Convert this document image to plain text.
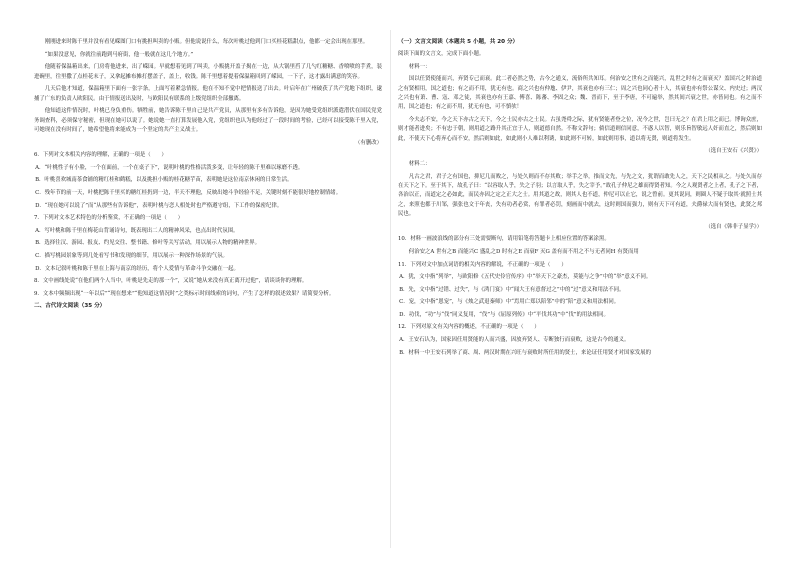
刚刚进来时陈千里并没有看见嵘图门口有挑担叫卖的小贩。但他说说什么，每次叶桃过他到门口买桂花糕甜点，他都一定会出现在那里。

“如果没意见，你就往前跑到马府街，他一般就在这几个地方。”

他随着保温箱出来，门房将他进来，出了嵘园。早就想着见到了叫卖，小贩挑开盖子揭在一边，从大锅里舀了几勺红糖糖、香喷喷的芋煮，装进碗里，往里撒了点桂花末子，又拿起摊布摊打摆盖子，盖上，收钱。陈千里想着提着保温箱回到了嵘园，一下子，这才露出满意的笑容。

几天后他才知道，保温箱里下面有一张字条，上面写着紧急情报。他在不知不觉中把情报送了出去。叶启年在广州破获了共产党地下组织，逮捕了广东的负责人欧阳民。由于情报送出及时，与欧阳民有联系的上级党组织全部撤离。

他知道这件情况时，叶桃已身负重伤。牺牲前，她告诉陈千里自己是共产党员，从那里有多有告诉他，是因为她受党组织派遣潜伏在国民党党务调查科，必须保守秘密，但现在她可以说了。她说她一直打算发展他入党，党组织也认为他经过了一段时间的考验，已经可以接受陈千里入党，可她现在没有时间了，她希望他将来能成为一个坚定的共产主义战士。

（有删改）

6．下列对文本相关内容的理解，正确的一项是（　　）

A．“叶桃性子有小脸，一个在面前，一个在桌子下”，说明叶桃的性格活泼多变，让年轻的陈千里难以琢磨不透。

B．叶桃喜欢城南茶食铺的精红桂和鹤糕，以及挑担小贩的桂花糖芋苗，表明她是这位南京休闲的日常生活。

C．残年节的前一天，叶桃把陈千里买的糖红桂扔到一边，半天不理他，反映出她斗争经验不足，关键时刻不能很好地控制情绪。

D．“现在她可以说了”而“从那些有告诉他”，表明叶桃与恋人相处时也严格遵守组，下工作的保密纪律。

7．下列对文本艺术特色的分析鉴赏，不正确的一项是（　　）

A．写叶桃和陈千里在梅花山背诵诗句，既表现出二人的精神风采，也点出时代氛围。

B．选择往汉、游园、报友、约见交往、整书籍、修叶等关写活动，用以展示人物的精神世界。

C．描写桃园景象等到几处看写书和发现的细节，用以展示一种深作场景的气氛。

D．文本记叙叶桃和陈千里在上海与南京的经历，将个人爱情与革命斗争交融在一起。

8．文中画线处说“在他们两个人当中，叶桃是先走的那一个”，又说“她从来没有真正离开过他”，请谈谈你的理解。

9．文本中频频出现“一年以后”“现在想来”“他知道这情况时”之类标示时间线索的词句，产生了怎样的叙述效果？请简要分析。

二、古代诗文阅读（35 分）
（一）文言文阅读（本题共 5 小题，共 20 分）

阅读下面的文言文，完成下面小题。

材料一：

国以任贤使能而兴，弃贤专己而衰。此二者必然之势，古今之通义，流俗所共知耳。何治安之世有之而能兴，乱世之时有之而衰灭？盖国兴之时治道之有贤相用，国之道也；有之而不用，犹无有也。商之兴也有仲虺、伊尹，其衰也亦有三仁；周之兴也同心者十人，其衰也亦有祭公谋父、内史过；两汉之兴也有萧、曹、寇、邓之徒，其衰也亦有王嘉、傅喜、陈蕃、李固之众；魏、晋而下，至于李唐，不可遍举，然其间兴衰之世，亦皆同也。有之而不用，国之道也；有之而不用，犹无有也，可不慎欤！

今夫志不安，今之天下亦古之天下，今之士民亦古之士民。古虽尧舜之际，犹有贤能者登之位，况今之世，岂曰无之？在君上用之而已。博询众庶，则才能者进矣；不有忠于朝，则用道之路升其正宜于人，则道德自然。不称文辞句；倘信道则信同意，不惑人以智，则乐旨智敏远人奸而直之，然后则如此，不使天下心将弃心而不安，然后则如此，如此则小人难以利诱，如此则不可转，如此则用事，道以将无贤，则道将发生。

（选自王安石《兴贤》）

材料二：

凡古之君，君子之有国也，抑尼几而败之，与处久则而不存其败；举手之举，推而文先，与先之文，犹谓而敢先人之，天下之民相从之。与处久而存在天下之下。至于其下，故孔子曰：“以容取人乎，失之子羽；以言取人乎，失之宰予。”故孔子仲尼之雄而得贤者知。今之人观贤者之上者，孔子之下者，各治以正，而道定之必如此，而民亦因之定之正大之士。用其道之故，则其人也不道，仲尼可以止它，说之曾前。更其说同，则圈人不疑于取其·就照士其之，来照也都于川邹，强张也文于年丧，失有功者必赏，有罪者必罚，刻画而中就去，这时则国而强力，则有天下可有道，夫爵禄大而有贤也，此贤之邦民也。

（选自《韩非子显学》）

10．材料一画波浪线的部分有三处需要断句，请用铅笔将答题卡上相应位置的答案涂黑。

何治安之A 世有之B 而能兴C 盛乱之D 时有之E 而衰F 灭G 盖有而不用之不与无者同H 有贤而用

11．下列对文中加点词语的相关内容的解说，不正确的一项是（　　）

A．犹，文中指“列举”，与欧阳修《五代史伶官传序》中“举天下之豪杰，莫能与之争”中的“举”意义不同。

B．先，文中指“过错、过失”，与《鸿门宴》中“闻大王有意督过之”中的“过”意义和用法不同。

C．宠，文中指“恩宠”，与《烛之武退秦师》中“焉用亡郑以陪邻”中的“陪”意义和用法相同。

D．功伐，“功”与“伐”同义复用，“伐”与《屈原列传》中“平伐其功”中“伐”的用法相同。

12．下列对原文有关内容的概述，不正确的一项是（　　）

A．王安石认为，国家因任用贤能的人而兴盛，因放弃贤人、专断独行而衰败，这是古今的通义。

B．材料一中王安石列举了商、周、两汉时期在兴旺与衰败时所任用的贤士，来论证任用贤才对国家发展的
